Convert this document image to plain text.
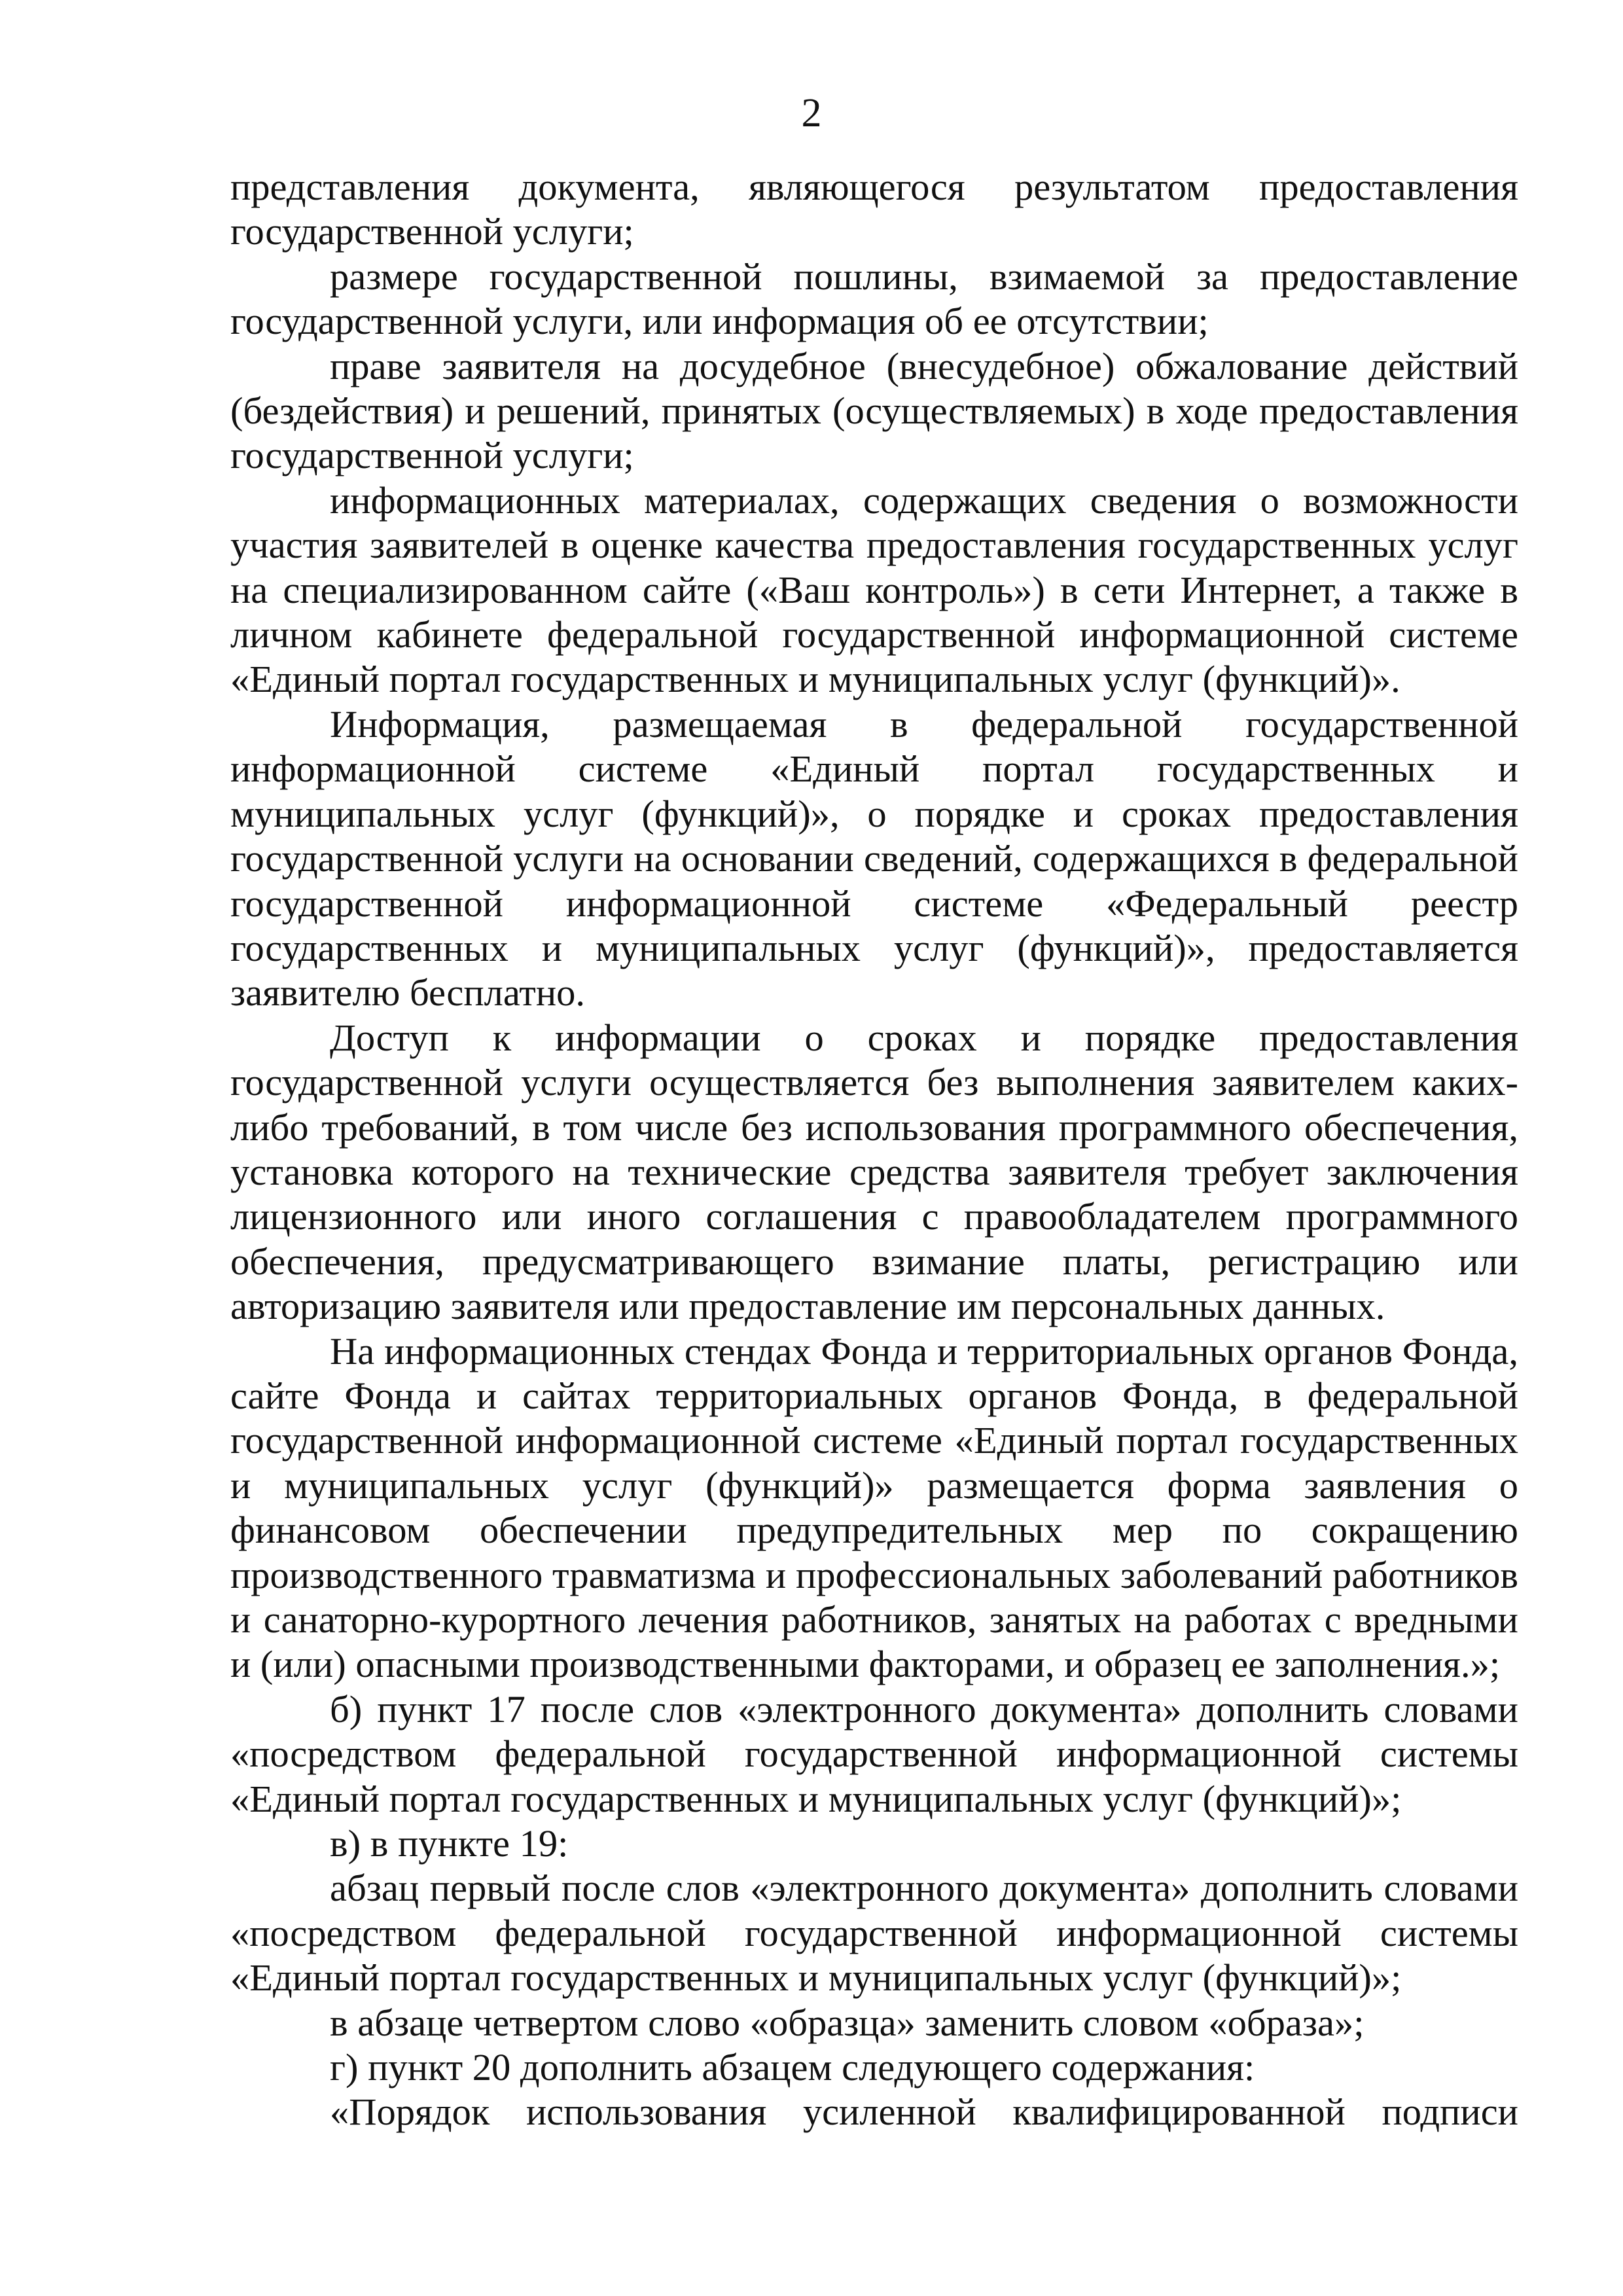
2

представления документа, являющегося результатом предоставления государственной услуги;

размере государственной пошлины, взимаемой за предоставление государственной услуги, или информация об ее отсутствии;

праве заявителя на досудебное (внесудебное) обжалование действий (бездействия) и решений, принятых (осуществляемых) в ходе предоставления государственной услуги;

информационных материалах, содержащих сведения о возможности участия заявителей в оценке качества предоставления государственных услуг на специализированном сайте («Ваш контроль») в сети Интернет, а также в личном кабинете федеральной государственной информационной системе «Единый портал государственных и муниципальных услуг (функций)».

Информация, размещаемая в федеральной государственной информационной системе «Единый портал государственных и муниципальных услуг (функций)», о порядке и сроках предоставления государственной услуги на основании сведений, содержащихся в федеральной государственной информационной системе «Федеральный реестр государственных и муниципальных услуг (функций)», предоставляется заявителю бесплатно.

Доступ к информации о сроках и порядке предоставления государственной услуги осуществляется без выполнения заявителем каких-либо требований, в том числе без использования программного обеспечения, установка которого на технические средства заявителя требует заключения лицензионного или иного соглашения с правообладателем программного обеспечения, предусматривающего взимание платы, регистрацию или авторизацию заявителя или предоставление им персональных данных.

На информационных стендах Фонда и территориальных органов Фонда, сайте Фонда и сайтах территориальных органов Фонда, в федеральной государственной информационной системе «Единый портал государственных и муниципальных услуг (функций)» размещается форма заявления о финансовом обеспечении предупредительных мер по сокращению производственного травматизма и профессиональных заболеваний работников и санаторно-курортного лечения работников, занятых на работах с вредными и (или) опасными производственными факторами, и образец ее заполнения.»;

б) пункт 17 после слов «электронного документа» дополнить словами «посредством федеральной государственной информационной системы «Единый портал государственных и муниципальных услуг (функций)»;

в) в пункте 19:

абзац первый после слов «электронного документа» дополнить словами «посредством федеральной государственной информационной системы «Единый портал государственных и муниципальных услуг (функций)»;

в абзаце четвертом слово «образца» заменить словом «образа»;

г) пункт 20 дополнить абзацем следующего содержания:

«Порядок использования усиленной квалифицированной подписи
